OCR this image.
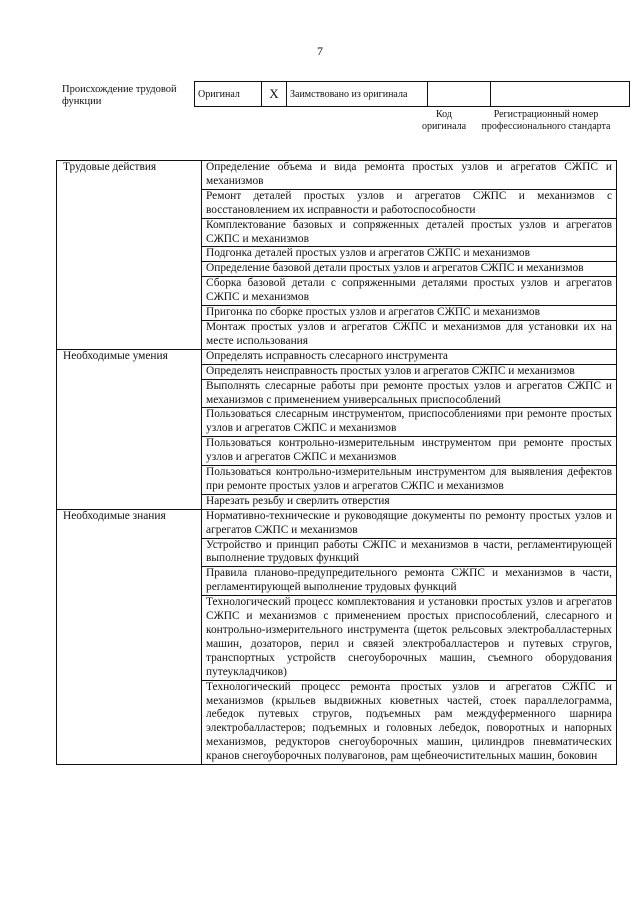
7
Происхождение трудовой функции
Оригинал	X	Заимствовано из оригинала		
Код оригинала
Регистрационный номер профессионального стандарта
Трудовые действия	Определение объема и вида ремонта простых узлов и агрегатов СЖПС и механизмов
	Ремонт деталей простых узлов и агрегатов СЖПС и механизмов с восстановлением их исправности и работоспособности
	Комплектование базовых и сопряженных деталей простых узлов и агрегатов СЖПС и механизмов
	Подгонка деталей простых узлов и агрегатов СЖПС и механизмов
	Определение базовой детали простых узлов и агрегатов СЖПС и механизмов
	Сборка базовой детали с сопряженными деталями простых узлов и агрегатов СЖПС и механизмов
	Пригонка по сборке простых узлов и агрегатов СЖПС и механизмов
	Монтаж простых узлов и агрегатов СЖПС и механизмов для установки их на месте использования
Необходимые умения	Определять исправность слесарного инструмента
	Определять неисправность простых узлов и агрегатов СЖПС и механизмов
	Выполнять слесарные работы при ремонте простых узлов и агрегатов СЖПС и механизмов с применением универсальных приспособлений
	Пользоваться слесарным инструментом, приспособлениями при ремонте простых узлов и агрегатов СЖПС и механизмов
	Пользоваться контрольно-измерительным инструментом при ремонте простых узлов и агрегатов СЖПС и механизмов
	Пользоваться контрольно-измерительным инструментом для выявления дефектов при ремонте простых узлов и агрегатов СЖПС и механизмов
	Нарезать резьбу и сверлить отверстия
Необходимые знания	Нормативно-технические и руководящие документы по ремонту простых узлов и агрегатов СЖПС и механизмов
	Устройство и принцип работы СЖПС и механизмов в части, регламентирующей выполнение трудовых функций
	Правила планово-предупредительного ремонта СЖПС и механизмов в части, регламентирующей выполнение трудовых функций
	Технологический процесс комплектования и установки простых узлов и агрегатов СЖПС и механизмов с применением простых приспособлений, слесарного и контрольно-измерительного инструмента (щеток рельсовых электробалластерных машин, дозаторов, перил и связей электробалластеров и путевых стругов, транспортных устройств снегоуборочных машин, съемного оборудования путеукладчиков)
	Технологический процесс ремонта простых узлов и агрегатов СЖПС и механизмов (крыльев выдвижных кюветных частей, стоек параллелограмма, лебедок путевых стругов, подъемных рам междуферменного шарнира электробалластеров; подъемных и головных лебедок, поворотных и напорных механизмов, редукторов снегоуборочных машин, цилиндров пневматических кранов снегоуборочных полувагонов, рам щебнеочистительных машин, боковин
